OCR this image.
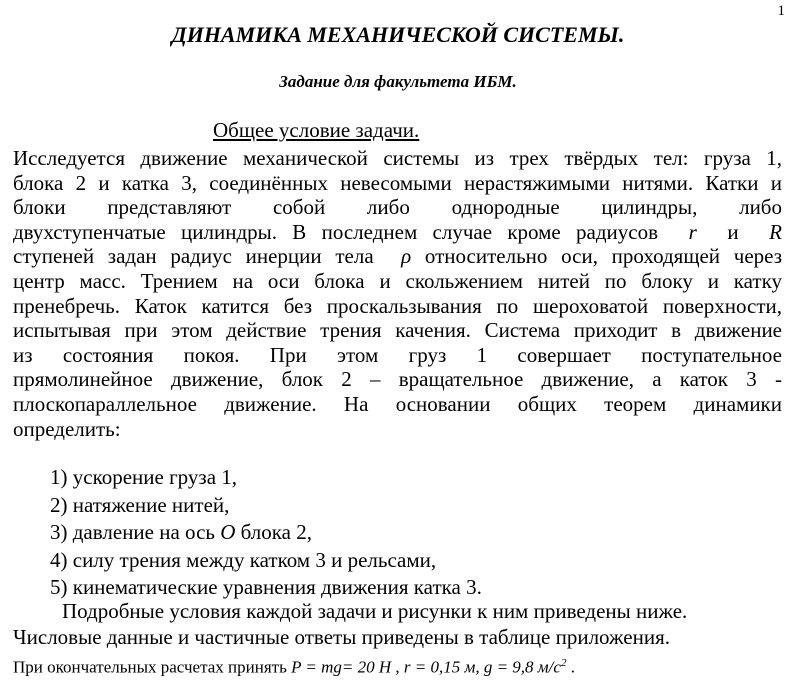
1
ДИНАМИКА МЕХАНИЧЕСКОЙ СИСТЕМЫ.
Задание для факультета ИБМ.
Общее условие задачи.
Исследуется движение механической системы из трех твёрдых тел: груза 1,
блока 2 и катка 3, соединённых невесомыми нерастяжимыми нитями. Катки и
блоки представляют собой либо однородные цилиндры, либо
двухступенчатые цилиндры. В последнем случае кроме радиусов r и R
ступеней задан радиус инерции тела ρ относительно оси, проходящей через
центр масс. Трением на оси блока и скольжением нитей по блоку и катку
пренебречь. Каток катится без проскальзывания по шероховатой поверхности,
испытывая при этом действие трения качения. Система приходит в движение
из состояния покоя. При этом груз 1 совершает поступательное
прямолинейное движение, блок 2 – вращательное движение, а каток 3 -
плоскопараллельное движение. На основании общих теорем динамики
определить:
1) ускорение груза 1,
2) натяжение нитей,
3) давление на ось O блока 2,
4) силу трения между катком 3 и рельсами,
5) кинематические уравнения движения катка 3.
Подробные условия каждой задачи и рисунки к ним приведены ниже.
Числовые данные и частичные ответы приведены в таблице приложения.
При окончательных расчетах принять P = mg= 20 Н , r = 0,15 м, g = 9,8 $м/с^2$ .
